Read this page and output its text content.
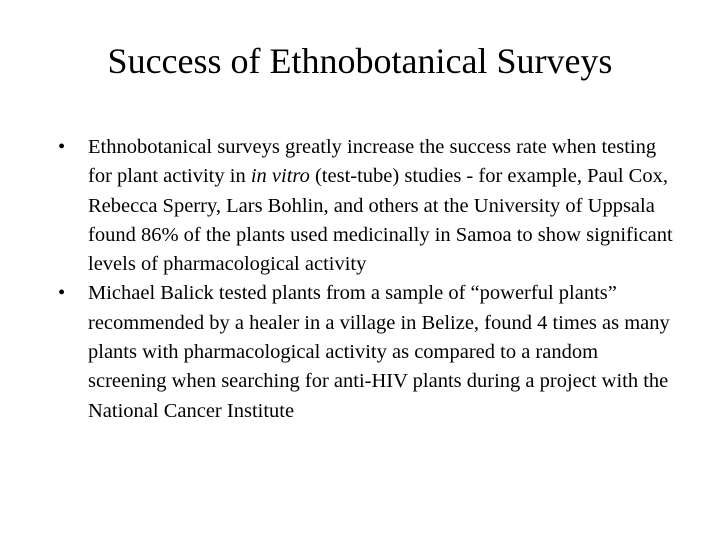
Success of Ethnobotanical Surveys
• Ethnobotanical surveys greatly increase the success rate when testing for plant activity in in vitro (test-tube) studies - for example, Paul Cox, Rebecca Sperry, Lars Bohlin, and others at the University of Uppsala found 86% of the plants used medicinally in Samoa to show significant levels of pharmacological activity
• Michael Balick tested plants from a sample of “powerful plants” recommended by a healer in a village in Belize, found 4 times as many plants with pharmacological activity as compared to a random screening when searching for anti-HIV plants during a project with the National Cancer Institute
